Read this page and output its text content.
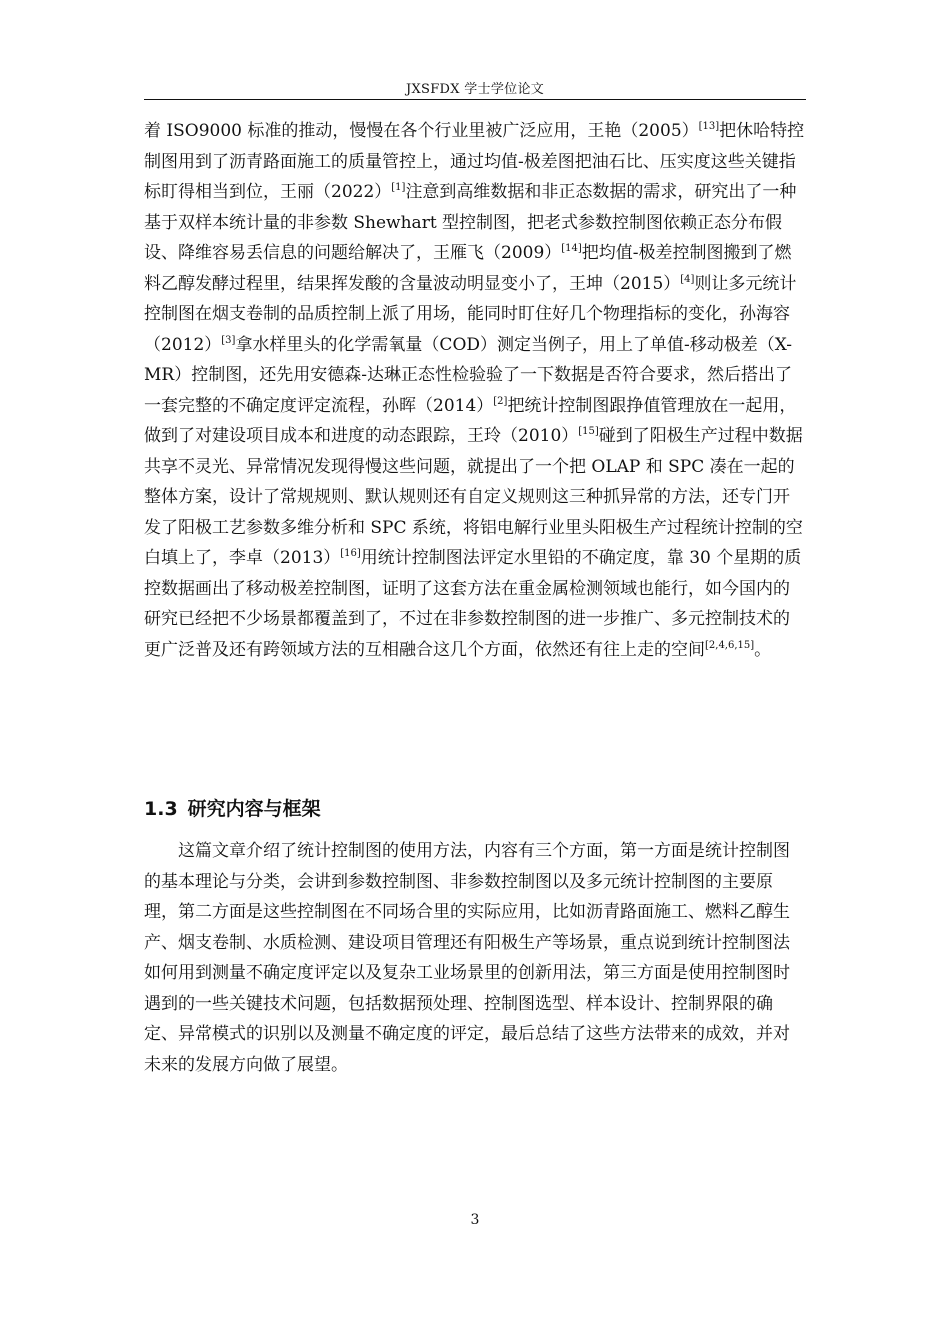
JXSFDX 学士学位论文

着 ISO9000 标准的推动，慢慢在各个行业里被广泛应用，王艳（2005）[13]把休哈特控制图用到了沥青路面施工的质量管控上，通过均值-极差图把油石比、压实度这些关键指标盯得相当到位，王丽（2022）[1]注意到高维数据和非正态数据的需求，研究出了一种基于双样本统计量的非参数 Shewhart 型控制图，把老式参数控制图依赖正态分布假设、降维容易丢信息的问题给解决了，王雁飞（2009）[14]把均值-极差控制图搬到了燃料乙醇发酵过程里，结果挥发酸的含量波动明显变小了，王坤（2015）[4]则让多元统计控制图在烟支卷制的品质控制上派了用场，能同时盯住好几个物理指标的变化，孙海容（2012）[3]拿水样里头的化学需氧量（COD）测定当例子，用上了单值-移动极差（X-MR）控制图，还先用安德森-达琳正态性检验验了一下数据是否符合要求，然后搭出了一套完整的不确定度评定流程，孙晖（2014）[2]把统计控制图跟挣值管理放在一起用，做到了对建设项目成本和进度的动态跟踪，王玲（2010）[15]碰到了阳极生产过程中数据共享不灵光、异常情况发现得慢这些问题，就提出了一个把 OLAP 和 SPC 凑在一起的整体方案，设计了常规规则、默认规则还有自定义规则这三种抓异常的方法，还专门开发了阳极工艺参数多维分析和 SPC 系统，将铝电解行业里头阳极生产过程统计控制的空白填上了，李卓（2013）[16]用统计控制图法评定水里铅的不确定度，靠 30 个星期的质控数据画出了移动极差控制图，证明了这套方法在重金属检测领域也能行，如今国内的研究已经把不少场景都覆盖到了，不过在非参数控制图的进一步推广、多元控制技术的更广泛普及还有跨领域方法的互相融合这几个方面，依然还有往上走的空间[2,4,6,15]。

1.3 研究内容与框架

这篇文章介绍了统计控制图的使用方法，内容有三个方面，第一方面是统计控制图的基本理论与分类，会讲到参数控制图、非参数控制图以及多元统计控制图的主要原理，第二方面是这些控制图在不同场合里的实际应用，比如沥青路面施工、燃料乙醇生产、烟支卷制、水质检测、建设项目管理还有阳极生产等场景，重点说到统计控制图法如何用到测量不确定度评定以及复杂工业场景里的创新用法，第三方面是使用控制图时遇到的一些关键技术问题，包括数据预处理、控制图选型、样本设计、控制界限的确定、异常模式的识别以及测量不确定度的评定，最后总结了这些方法带来的成效，并对未来的发展方向做了展望。

3
